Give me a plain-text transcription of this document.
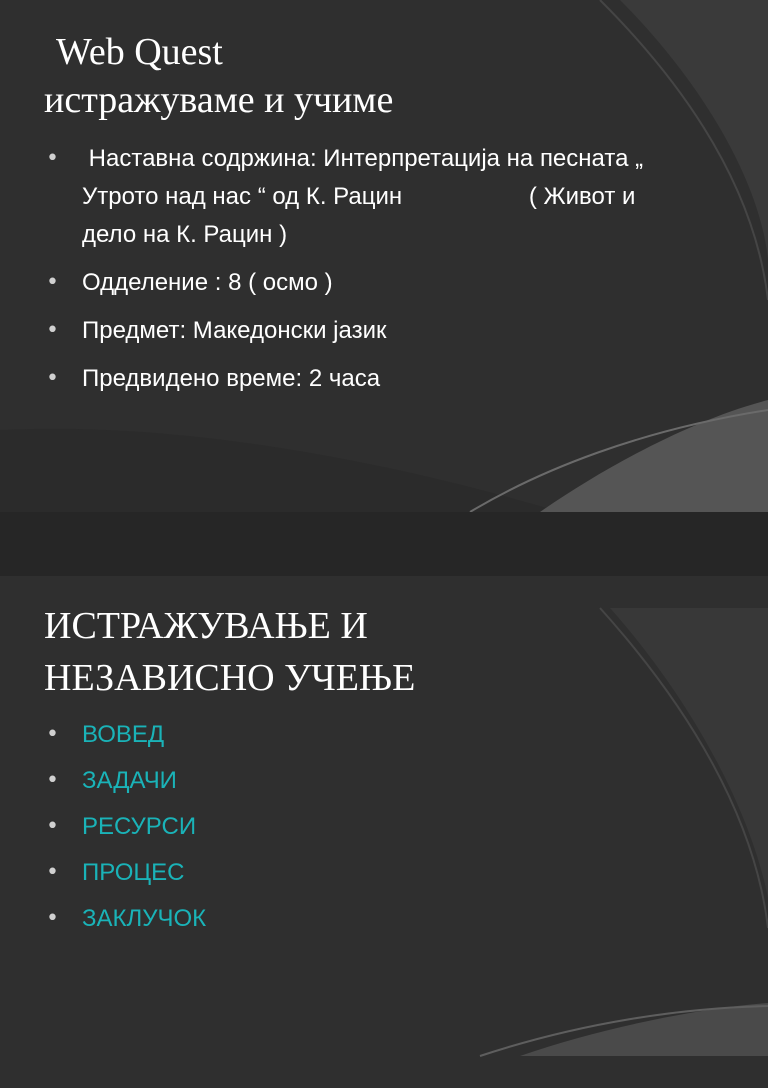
Web Quest
истражуваме и учиме
• Наставна содржина: Интерпретација на песната „ Утрото над нас “ од К. Рацин                   ( Живот и дело на К. Рацин )
• Одделение : 8 ( осмо )
• Предмет: Македонски јазик
• Предвидено време: 2 часа
ИСТРАЖУВАЊЕ И
НЕЗАВИСНО УЧЕЊЕ
• ВОВЕД
• ЗАДАЧИ
• РЕСУРСИ
• ПРОЦЕС
• ЗАКЛУЧОК
